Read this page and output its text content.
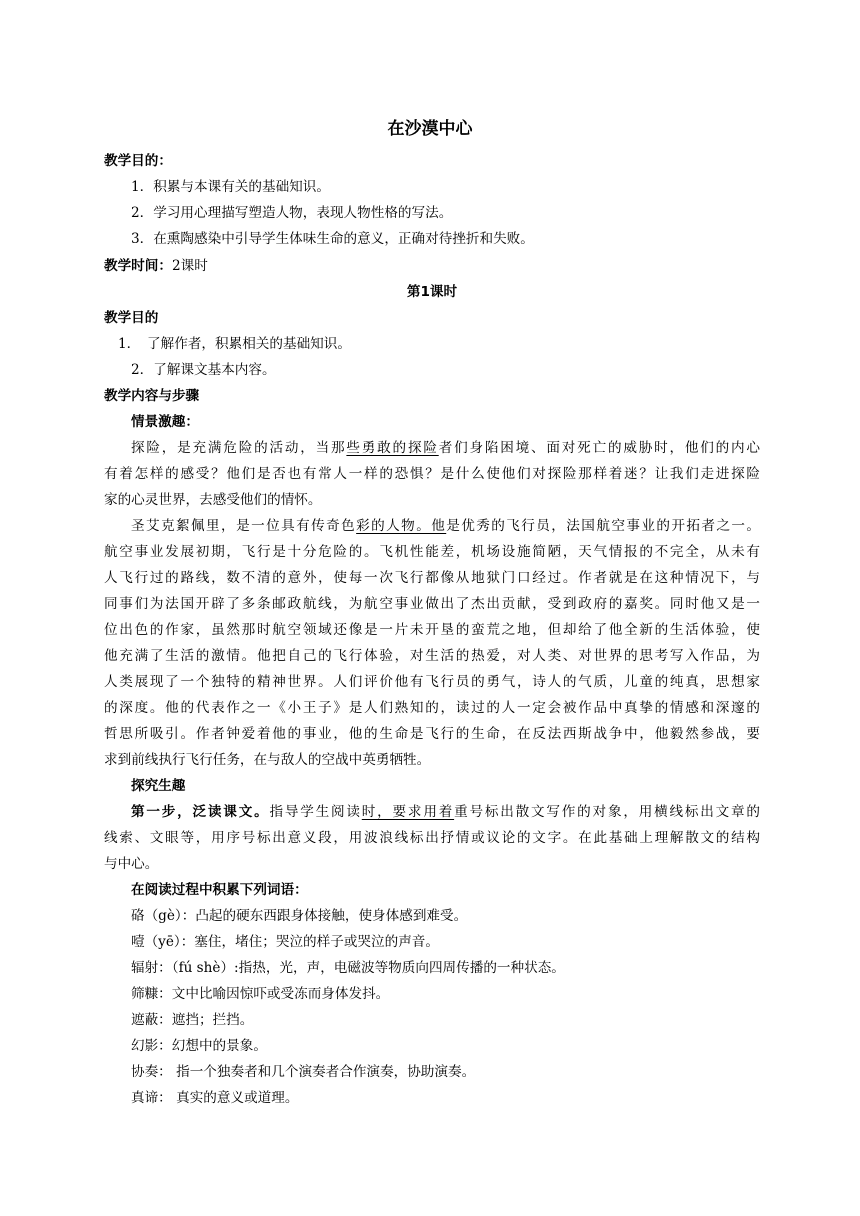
在沙漠中心
教学目的：
1．积累与本课有关的基础知识。
2．学习用心理描写塑造人物，表现人物性格的写法。
3．在熏陶感染中引导学生体味生命的意义，正确对待挫折和失败。
教学时间：2课时
第1课时
教学目的
1．　了解作者，积累相关的基础知识。
2．了解课文基本内容。
教学内容与步骤
情景激趣：
探险，是充满危险的活动，当那些勇敢的探险者们身陷困境、面对死亡的威胁时，他们的内心
有着怎样的感受？他们是否也有常人一样的恐惧？是什么使他们对探险那样着迷？让我们走进探险
家的心灵世界，去感受他们的情怀。
圣艾克絮佩里，是一位具有传奇色彩的人物。他是优秀的飞行员，法国航空事业的开拓者之一。
航空事业发展初期，飞行是十分危险的。飞机性能差，机场设施简陋，天气情报的不完全，从未有
人飞行过的路线，数不清的意外，使每一次飞行都像从地狱门口经过。作者就是在这种情况下，与
同事们为法国开辟了多条邮政航线，为航空事业做出了杰出贡献，受到政府的嘉奖。同时他又是一
位出色的作家，虽然那时航空领域还像是一片未开垦的蛮荒之地，但却给了他全新的生活体验，使
他充满了生活的激情。他把自己的飞行体验，对生活的热爱，对人类、对世界的思考写入作品，为
人类展现了一个独特的精神世界。人们评价他有飞行员的勇气，诗人的气质，儿童的纯真，思想家
的深度。他的代表作之一《小王子》是人们熟知的，读过的人一定会被作品中真挚的情感和深邃的
哲思所吸引。作者钟爱着他的事业，他的生命是飞行的生命，在反法西斯战争中，他毅然参战，要
求到前线执行飞行任务，在与敌人的空战中英勇牺牲。
探究生趣
第一步，泛读课文。指导学生阅读时，要求用着重号标出散文写作的对象，用横线标出文章的
线索、文眼等，用序号标出意义段，用波浪线标出抒情或议论的文字。在此基础上理解散文的结构
与中心。
在阅读过程中积累下列词语：
硌（gè）：凸起的硬东西跟身体接触，使身体感到难受。
噎（yē）：塞住，堵住；哭泣的样子或哭泣的声音。
辐射：（fú shè）:指热，光，声，电磁波等物质向四周传播的一种状态。
筛糠：文中比喻因惊吓或受冻而身体发抖。
遮蔽：遮挡；拦挡。
幻影：幻想中的景象。
协奏： 指一个独奏者和几个演奏者合作演奏，协助演奏。
真谛： 真实的意义或道理。
